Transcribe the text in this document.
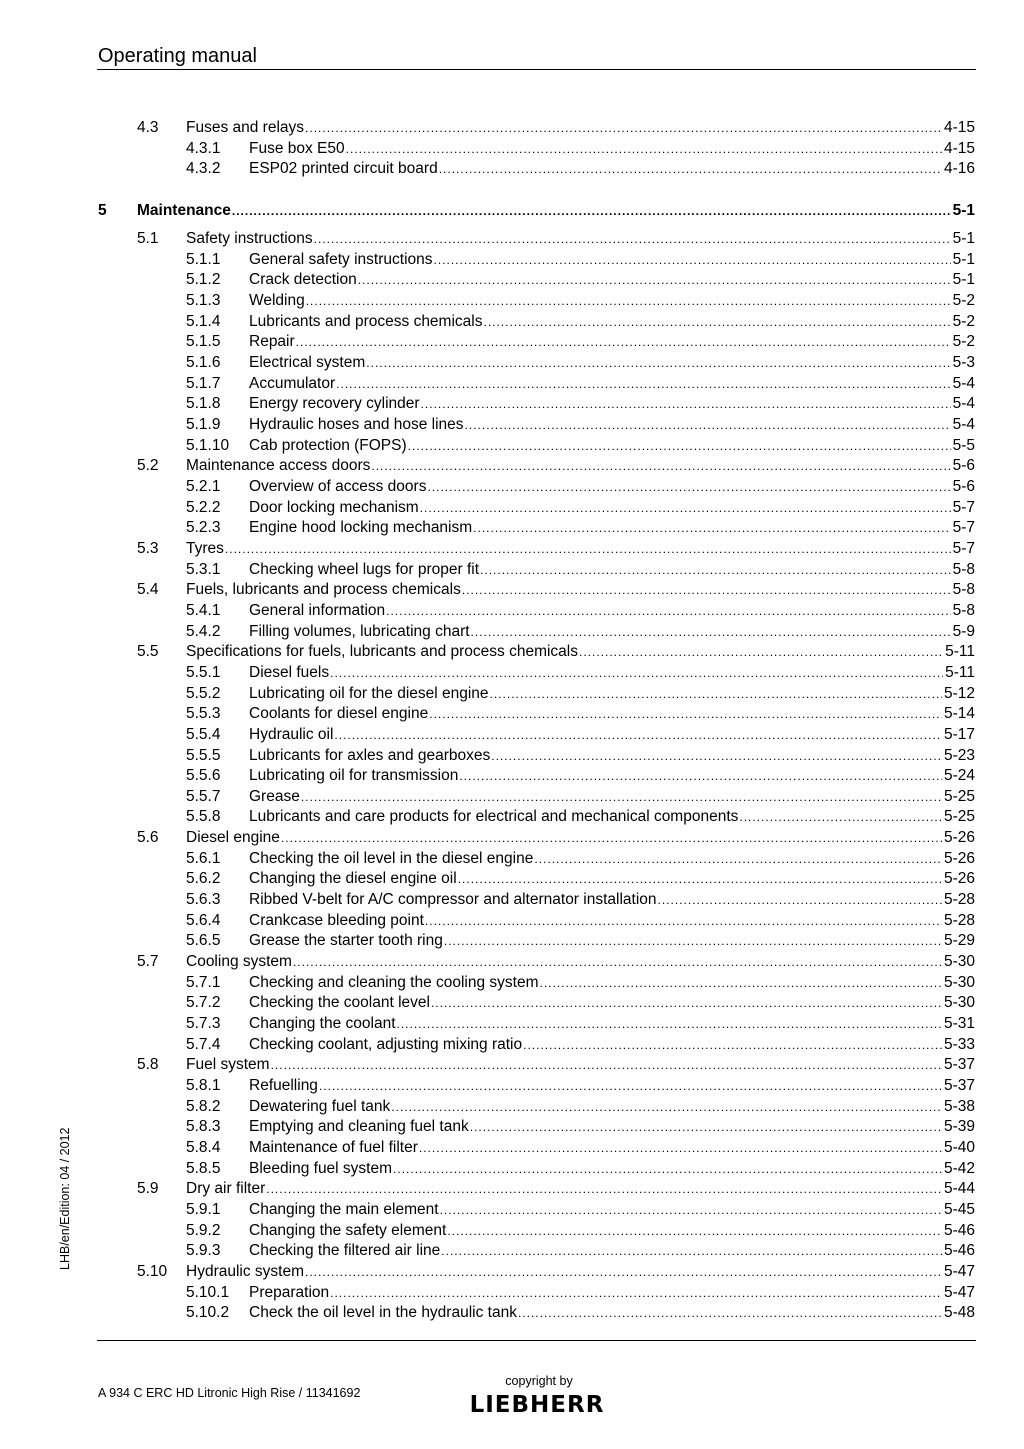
Operating manual
4.3 Fuses and relays .....	4-15
4.3.1 Fuse box E50 .....	4-15
4.3.2 ESP02 printed circuit board .....	4-16
5 Maintenance .....	5-1
5.1 Safety instructions .....	5-1
5.1.1 General safety instructions .....	5-1
5.1.2 Crack detection .....	5-1
5.1.3 Welding .....	5-2
5.1.4 Lubricants and process chemicals .....	5-2
5.1.5 Repair .....	5-2
5.1.6 Electrical system .....	5-3
5.1.7 Accumulator .....	5-4
5.1.8 Energy recovery cylinder .....	5-4
5.1.9 Hydraulic hoses and hose lines .....	5-4
5.1.10 Cab protection (FOPS) .....	5-5
5.2 Maintenance access doors .....	5-6
5.2.1 Overview of access doors .....	5-6
5.2.2 Door locking mechanism .....	5-7
5.2.3 Engine hood locking mechanism .....	5-7
5.3 Tyres .....	5-7
5.3.1 Checking wheel lugs for proper fit .....	5-8
5.4 Fuels, lubricants and process chemicals .....	5-8
5.4.1 General information .....	5-8
5.4.2 Filling volumes, lubricating chart .....	5-9
5.5 Specifications for fuels, lubricants and process chemicals .....	5-11
5.5.1 Diesel fuels .....	5-11
5.5.2 Lubricating oil for the diesel engine .....	5-12
5.5.3 Coolants for diesel engine .....	5-14
5.5.4 Hydraulic oil .....	5-17
5.5.5 Lubricants for axles and gearboxes .....	5-23
5.5.6 Lubricating oil for transmission .....	5-24
5.5.7 Grease .....	5-25
5.5.8 Lubricants and care products for electrical and mechanical components .....	5-25
5.6 Diesel engine .....	5-26
5.6.1 Checking the oil level in the diesel engine .....	5-26
5.6.2 Changing the diesel engine oil .....	5-26
5.6.3 Ribbed V-belt for A/C compressor and alternator installation .....	5-28
5.6.4 Crankcase bleeding point .....	5-28
5.6.5 Grease the starter tooth ring .....	5-29
5.7 Cooling system .....	5-30
5.7.1 Checking and cleaning the cooling system .....	5-30
5.7.2 Checking the coolant level .....	5-30
5.7.3 Changing the coolant .....	5-31
5.7.4 Checking coolant, adjusting mixing ratio .....	5-33
5.8 Fuel system .....	5-37
5.8.1 Refuelling .....	5-37
5.8.2 Dewatering fuel tank .....	5-38
5.8.3 Emptying and cleaning fuel tank .....	5-39
5.8.4 Maintenance of fuel filter .....	5-40
5.8.5 Bleeding fuel system .....	5-42
5.9 Dry air filter .....	5-44
5.9.1 Changing the main element .....	5-45
5.9.2 Changing the safety element .....	5-46
5.9.3 Checking the filtered air line .....	5-46
5.10 Hydraulic system .....	5-47
5.10.1 Preparation .....	5-47
5.10.2 Check the oil level in the hydraulic tank .....	5-48
LHB/en/Edition: 04 / 2012
A 934 C ERC HD Litronic High Rise / 11341692
copyright by
LIEBHERR
